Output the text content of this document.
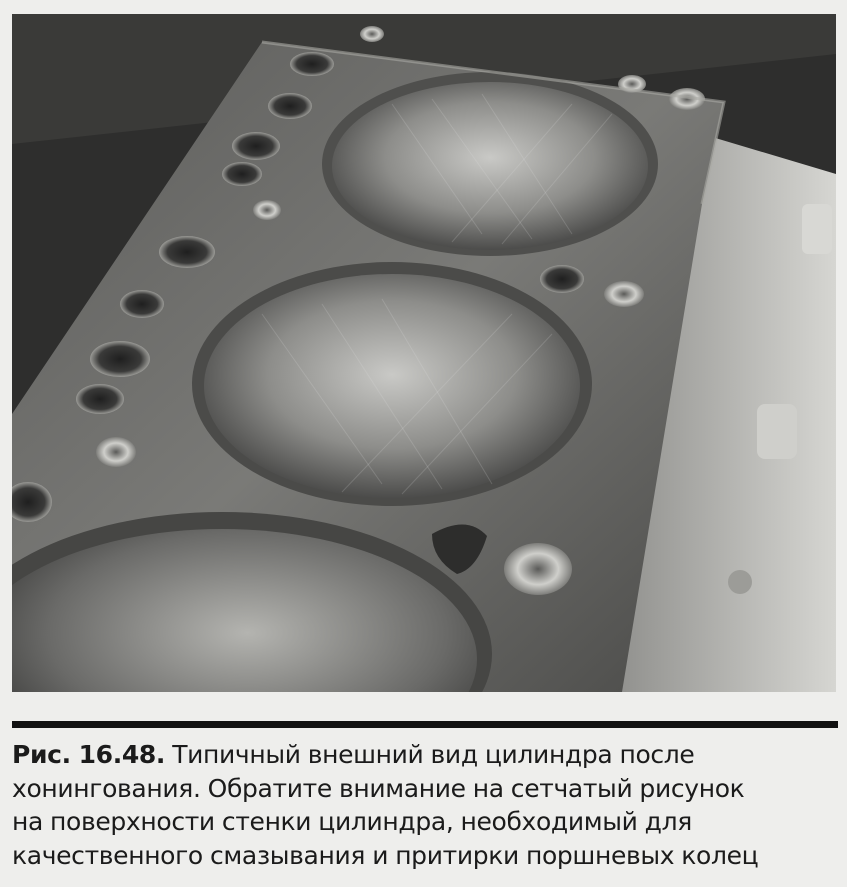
Рис. 16.48. Типичный внешний вид цилиндра после
хонингования. Обратите внимание на сетчатый рисунок
на поверхности стенки цилиндра, необходимый для
качественного смазывания и притирки поршневых колец
